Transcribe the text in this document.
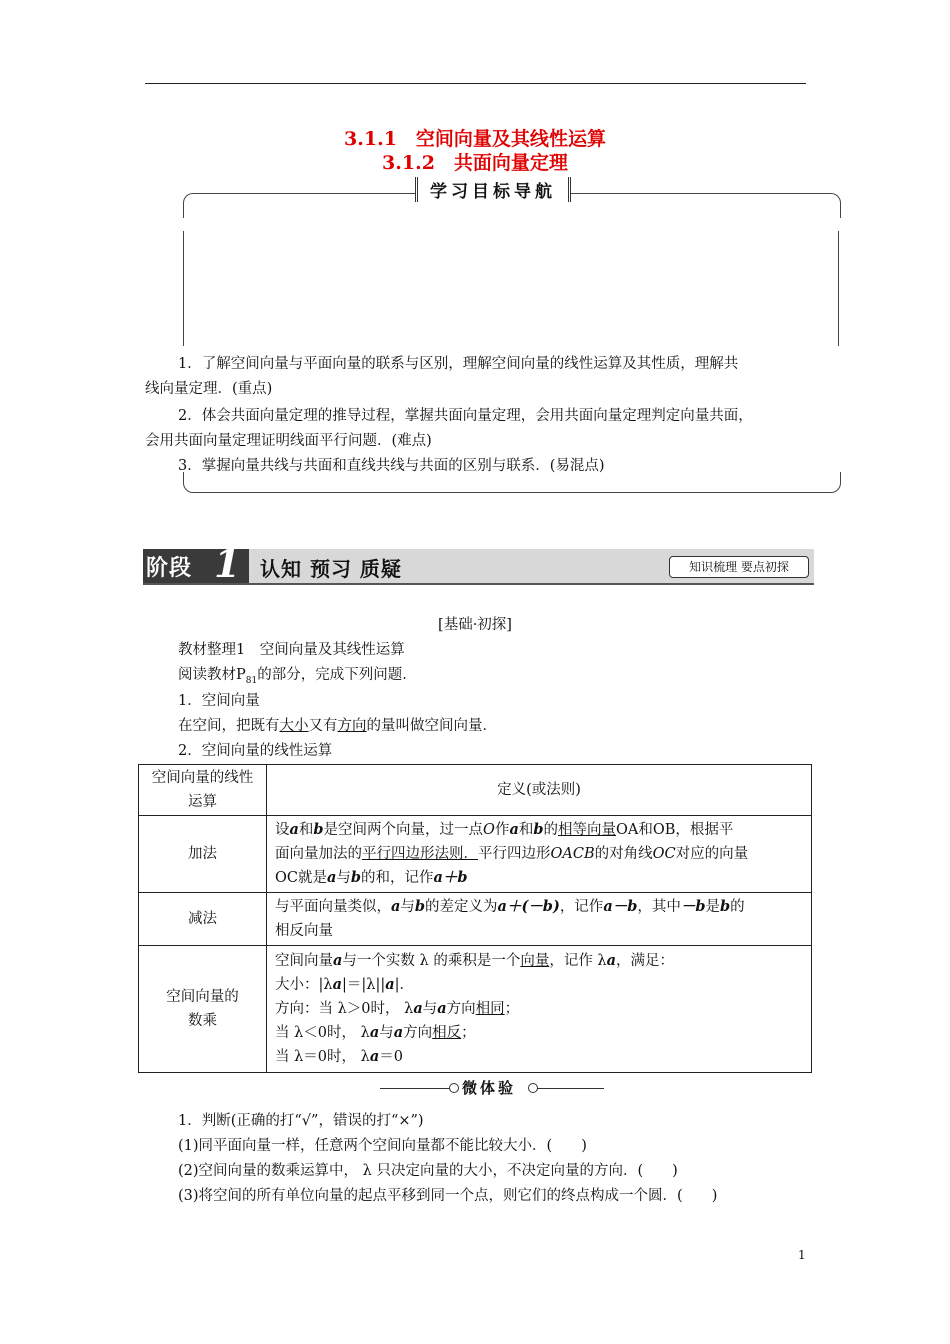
3.1.1　空间向量及其线性运算
3.1.2　共面向量定理
学习目标导航
1．了解空间向量与平面向量的联系与区别，理解空间向量的线性运算及其性质，理解共
线向量定理．(重点)
2．体会共面向量定理的推导过程，掌握共面向量定理，会用共面向量定理判定向量共面，
会用共面向量定理证明线面平行问题．(难点)
3．掌握向量共线与共面和直线共线与共面的区别与联系．(易混点)
阶段 1 认知 预习 质疑	知识梳理 要点初探
[基础·初探]
教材整理1　空间向量及其线性运算
阅读教材$P_{81}$的部分，完成下列问题．
1．空间向量
在空间，把既有大小又有方向的量叫做空间向量．
2．空间向量的线性运算
空间向量的线性运算	定义(或法则)
加法	设a和b是空间两个向量，过一点O作a和b的相等向量OA和OB，根据平
面向量加法的平行四边形法则．平行四边形OACB的对角线OC对应的向量
OC就是a与b的和，记作a＋b
减法	与平面向量类似，a与b的差定义为a＋(－b)，记作a－b，其中－b是b的
相反向量
空间向量的
数乘	空间向量a与一个实数 λ 的乘积是一个向量，记作 λa，满足：
大小：|λa|＝|λ||a|．
方向：当 λ＞0时， λa与a方向相同；
当 λ＜0时， λa与a方向相反；
当 λ＝0时， λa＝0
微体验
1．判断(正确的打“√”，错误的打“×”)
(1)同平面向量一样，任意两个空间向量都不能比较大小．(　　)
(2)空间向量的数乘运算中， λ 只决定向量的大小，不决定向量的方向．(　　)
(3)将空间的所有单位向量的起点平移到同一个点，则它们的终点构成一个圆．(　　)
1
